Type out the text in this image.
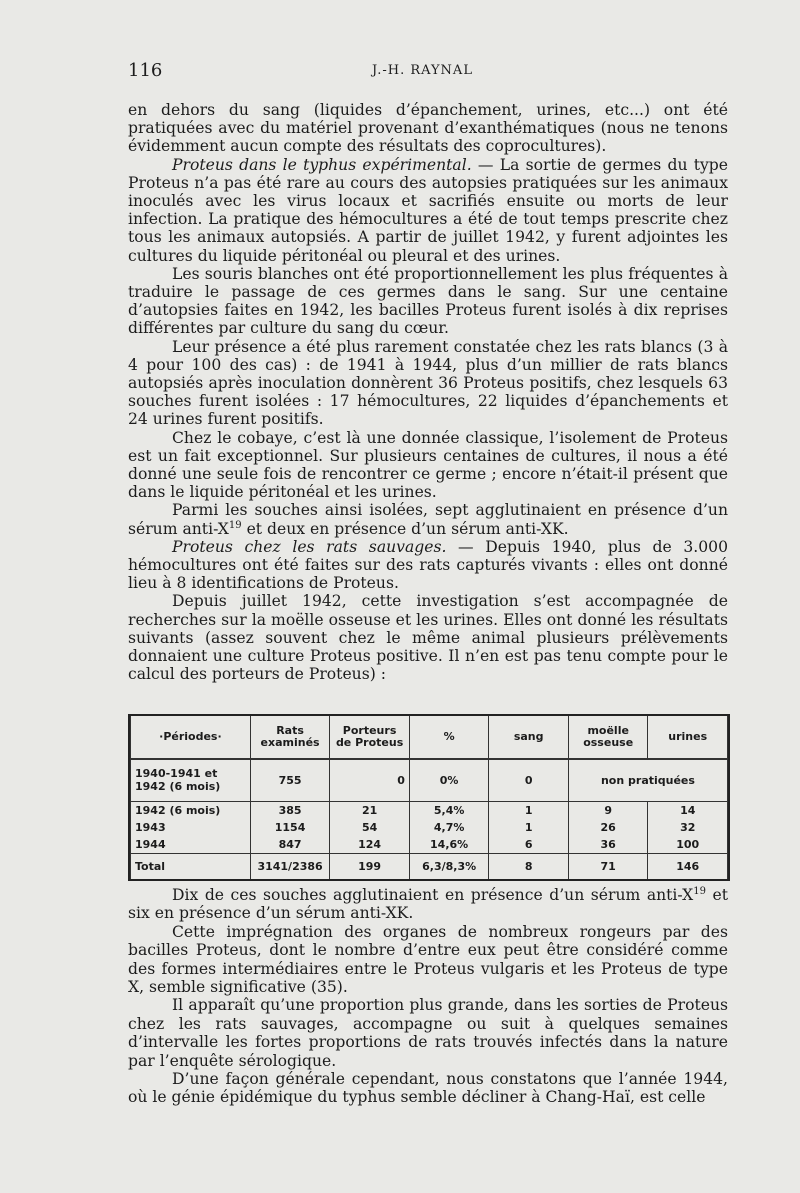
116	J.-H. RAYNAL

en dehors du sang (liquides d’épanchement, urines, etc...) ont été pratiquées avec du matériel provenant d’exanthématiques (nous ne tenons évidemment aucun compte des résultats des coprocultures).

Proteus dans le typhus expérimental. — La sortie de germes du type Proteus n’a pas été rare au cours des autopsies pratiquées sur les animaux inoculés avec les virus locaux et sacrifiés ensuite ou morts de leur infection. La pratique des hémocultures a été de tout temps prescrite chez tous les animaux autopsiés. A partir de juillet 1942, y furent adjointes les cultures du liquide péritonéal ou pleural et des urines.

Les souris blanches ont été proportionnellement les plus fréquentes à traduire le passage de ces germes dans le sang. Sur une centaine d’autopsies faites en 1942, les bacilles Proteus furent isolés à dix reprises différentes par culture du sang du cœur.

Leur présence a été plus rarement constatée chez les rats blancs (3 à 4 pour 100 des cas) : de 1941 à 1944, plus d’un millier de rats blancs autopsiés après inoculation donnèrent 36 Proteus positifs, chez lesquels 63 souches furent isolées : 17 hémocultures, 22 liquides d’épanchements et 24 urines furent positifs.

Chez le cobaye, c’est là une donnée classique, l’isolement de Proteus est un fait exceptionnel. Sur plusieurs centaines de cultures, il nous a été donné une seule fois de rencontrer ce germe ; encore n’était-il présent que dans le liquide péritonéal et les urines.

Parmi les souches ainsi isolées, sept agglutinaient en présence d’un sérum anti-$X^{19}$ et deux en présence d’un sérum anti-XK.

Proteus chez les rats sauvages. — Depuis 1940, plus de 3.000 hémocultures ont été faites sur des rats capturés vivants : elles ont donné lieu à 8 identifications de Proteus.

Depuis juillet 1942, cette investigation s’est accompagnée de recherches sur la moëlle osseuse et les urines. Elles ont donné les résultats suivants (assez souvent chez le même animal plusieurs prélèvements donnaient une culture Proteus positive. Il n’en est pas tenu compte pour le calcul des porteurs de Proteus) :

·Périodes·	Rats examinés	Porteurs de Proteus	%	sang	moëlle osseuse	urines
1940-1941 et 1942 (6 mois)	755	0	0%	0	non pratiquées	
1942 (6 mois)	385	21	5,4%	1	9	14
1943	1154	54	4,7%	1	26	32
1944	847	124	14,6%	6	36	100
Total	3141/2386	199	6,3/8,3%	8	71	146

Dix de ces souches agglutinaient en présence d’un sérum anti-$X^{19}$ et six en présence d’un sérum anti-XK.

Cette imprégnation des organes de nombreux rongeurs par des bacilles Proteus, dont le nombre d’entre eux peut être considéré comme des formes intermédiaires entre le Proteus vulgaris et les Proteus de type X, semble significative (35).

Il apparaît qu’une proportion plus grande, dans les sorties de Proteus chez les rats sauvages, accompagne ou suit à quelques semaines d’intervalle les fortes proportions de rats trouvés infectés dans la nature par l’enquête sérologique.

D’une façon générale cependant, nous constatons que l’année 1944, où le génie épidémique du typhus semble décliner à Chang-Haï, est celle
